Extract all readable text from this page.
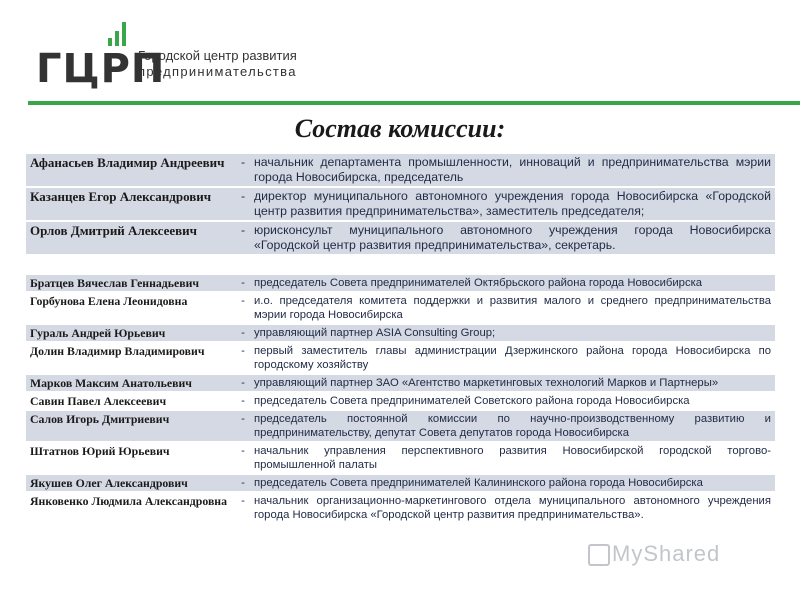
ГЦРП
Городской центр развития
предпринимательства
Состав комиссии:
Афанасьев Владимир Андреевич	-	начальник департамента промышленности, инноваций и предпринимательства мэрии города Новосибирска, председатель
Казанцев Егор Александрович	-	директор муниципального автономного учреждения города Новосибирска «Городской центр развития предпринимательства», заместитель председателя;
Орлов Дмитрий Алексеевич	-	юрисконсульт муниципального автономного учреждения города Новосибирска «Городской центр развития предпринимательства», секретарь.
Братцев Вячеслав Геннадьевич	-	председатель Совета предпринимателей Октябрьского района города Новосибирска
Горбунова Елена Леонидовна	-	и.о. председателя комитета поддержки и развития малого и среднего предпринимательства мэрии города Новосибирска
Гураль Андрей Юрьевич	-	управляющий партнер ASIA Consulting Group;
Долин Владимир Владимирович	-	первый заместитель главы администрации Дзержинского района города Новосибирска по городскому хозяйству
Марков Максим Анатольевич	-	управляющий партнер ЗАО «Агентство маркетинговых технологий Марков и Партнеры»
Савин Павел Алексеевич	-	председатель Совета предпринимателей Советского района города Новосибирска
Салов Игорь Дмитриевич	-	председатель постоянной комиссии по научно-производственному развитию и предпринимательству, депутат Совета депутатов города Новосибирска
Штатнов Юрий Юрьевич	-	начальник управления перспективного развития Новосибирской городской торгово-промышленной палаты
Якушев Олег Александрович	-	председатель Совета предпринимателей Калининского района города Новосибирска
Янковенко Людмила Александровна	-	начальник организационно-маркетингового отдела муниципального автономного учреждения города Новосибирска «Городской центр развития предпринимательства».
MyShared
